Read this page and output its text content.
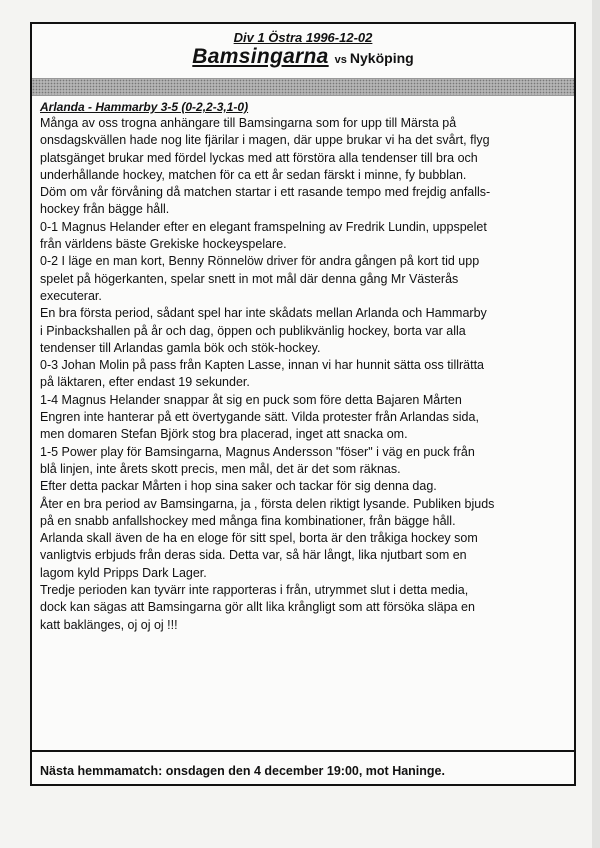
Div 1 Östra 1996-12-02
Bamsingarna vs Nyköping
Arlanda - Hammarby 3-5 (0-2,2-3,1-0)
Många av oss trogna anhängare till Bamsingarna som for upp till Märsta på
onsdagskvällen hade nog lite fjärilar i magen, där uppe brukar vi ha det svårt, flyg
platsgänget brukar med fördel lyckas med att förstöra alla tendenser till bra och
underhållande hockey, matchen för ca ett år sedan färskt i minne, fy bubblan.
Döm om vår förvåning då matchen startar i ett rasande tempo med frejdig anfalls-
hockey från bägge håll.
0-1 Magnus Helander efter en elegant framspelning av Fredrik Lundin, uppspelet
från världens bäste Grekiske hockeyspelare.
0-2 I läge en man kort, Benny Rönnelöw driver för andra gången på kort tid upp
spelet på högerkanten, spelar snett in mot mål där denna gång Mr Västerås
executerar.
En bra första period, sådant spel har inte skådats mellan Arlanda och Hammarby
i Pinbackshallen på år och dag, öppen och publikvänlig hockey, borta var alla
tendenser till Arlandas gamla bök och stök-hockey.
0-3 Johan Molin på pass från Kapten Lasse, innan vi har hunnit sätta oss tillrätta
på läktaren, efter endast 19 sekunder.
1-4 Magnus Helander snappar åt sig en puck som före detta Bajaren Mårten
Engren inte hanterar på ett övertygande sätt. Vilda protester från Arlandas sida,
men domaren Stefan Björk stog bra placerad, inget att snacka om.
1-5 Power play för Bamsingarna, Magnus Andersson "föser" i väg en puck från
blå linjen, inte årets skott precis, men mål, det är det som räknas.
Efter detta packar Mårten i hop sina saker och tackar för sig denna dag.
Åter en bra period av Bamsingarna, ja , första delen riktigt lysande. Publiken bjuds
på en snabb anfallshockey med många fina kombinationer, från bägge håll.
Arlanda skall även de ha en eloge för sitt spel, borta är den tråkiga hockey som
vanligtvis erbjuds från deras sida. Detta var, så här långt, lika njutbart som en
lagom kyld Pripps Dark Lager.
Tredje perioden kan tyvärr inte rapporteras i från, utrymmet slut i detta media,
dock kan sägas att Bamsingarna gör allt lika krångligt som att försöka släpa en
katt baklänges, oj oj oj !!!
Nästa hemmamatch: onsdagen den 4 december 19:00, mot Haninge.
